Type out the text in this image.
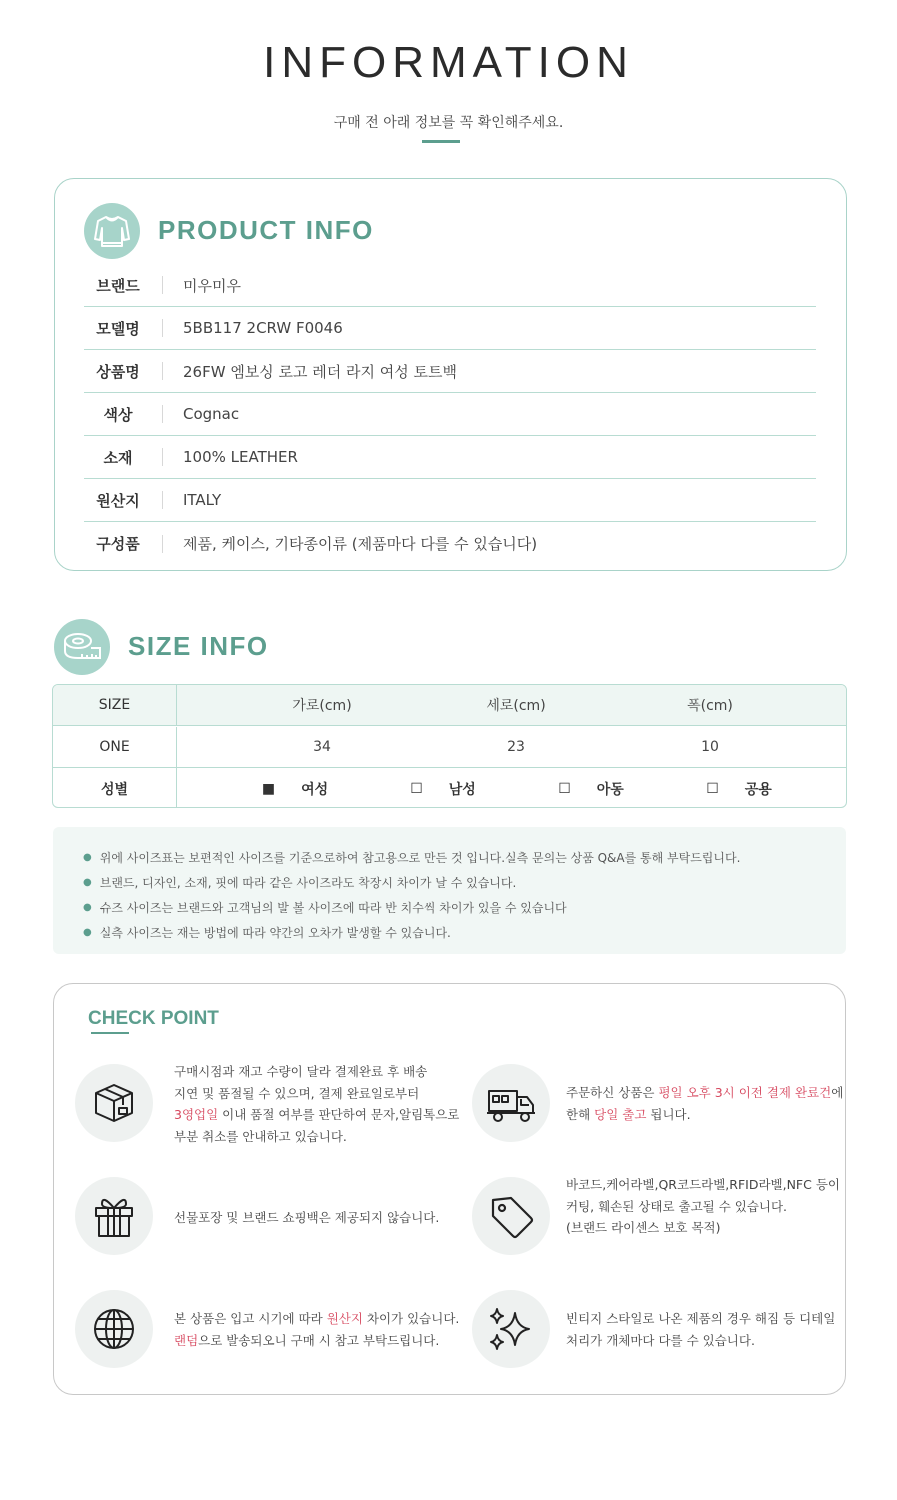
INFORMATION
구매 전 아래 정보를 꼭 확인해주세요.
PRODUCT INFO
브랜드	미우미우
모델명	5BB117 2CRW F0046
상품명	26FW 엠보싱 로고 레더 라지 여성 토트백
색상	Cognac
소재	100% LEATHER
원산지	ITALY
구성품	제품, 케이스, 기타종이류 (제품마다 다를 수 있습니다)
SIZE INFO
SIZE	가로(cm)	세로(cm)	폭(cm)
ONE	34	23	10
성별	■ 여성	☐ 남성	☐ 아동	☐ 공용
● 위에 사이즈표는 보편적인 사이즈를 기준으로하여 참고용으로 만든 것 입니다.실측 문의는 상품 Q&A를 통해 부탁드립니다.
● 브랜드, 디자인, 소재, 핏에 따라 같은 사이즈라도 착장시 차이가 날 수 있습니다.
● 슈즈 사이즈는 브랜드와 고객님의 발 볼 사이즈에 따라 반 치수씩 차이가 있을 수 있습니다
● 실측 사이즈는 재는 방법에 따라 약간의 오차가 발생할 수 있습니다.
CHECK POINT
구매시점과 재고 수량이 달라 결제완료 후 배송
지연 및 품절될 수 있으며, 결제 완료일로부터
3영업일 이내 품절 여부를 판단하여 문자,알림톡으로
부분 취소를 안내하고 있습니다.
주문하신 상품은 평일 오후 3시 이전 결제 완료건에
한해 당일 출고 됩니다.
선물포장 및 브랜드 쇼핑백은 제공되지 않습니다.
바코드,케어라벨,QR코드라벨,RFID라벨,NFC 등이
커팅, 훼손된 상태로 출고될 수 있습니다.
(브랜드 라이센스 보호 목적)
본 상품은 입고 시기에 따라 원산지 차이가 있습니다.
랜덤으로 발송되오니 구매 시 참고 부탁드립니다.
빈티지 스타일로 나온 제품의 경우 해짐 등 디테일
처리가 개체마다 다를 수 있습니다.
